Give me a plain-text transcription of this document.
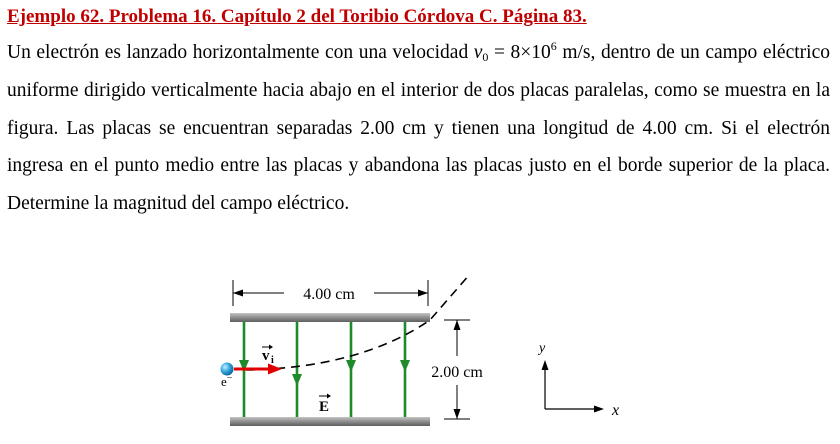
Ejemplo 62. Problema 16. Capítulo 2 del Toribio Córdova C. Página 83.

Un electrón es lanzado horizontalmente con una velocidad $v_0 = 8\times 10^6$ m/s, dentro de un campo eléctrico uniforme dirigido verticalmente hacia abajo en el interior de dos placas paralelas, como se muestra en la figura. Las placas se encuentran separadas 2.00 cm y tienen una longitud de 4.00 cm. Si el electrón ingresa en el punto medio entre las placas y abandona las placas justo en el borde superior de la placa. Determine la magnitud del campo eléctrico.

4.00 cm
2.00 cm
e−
v i
E
y
x
